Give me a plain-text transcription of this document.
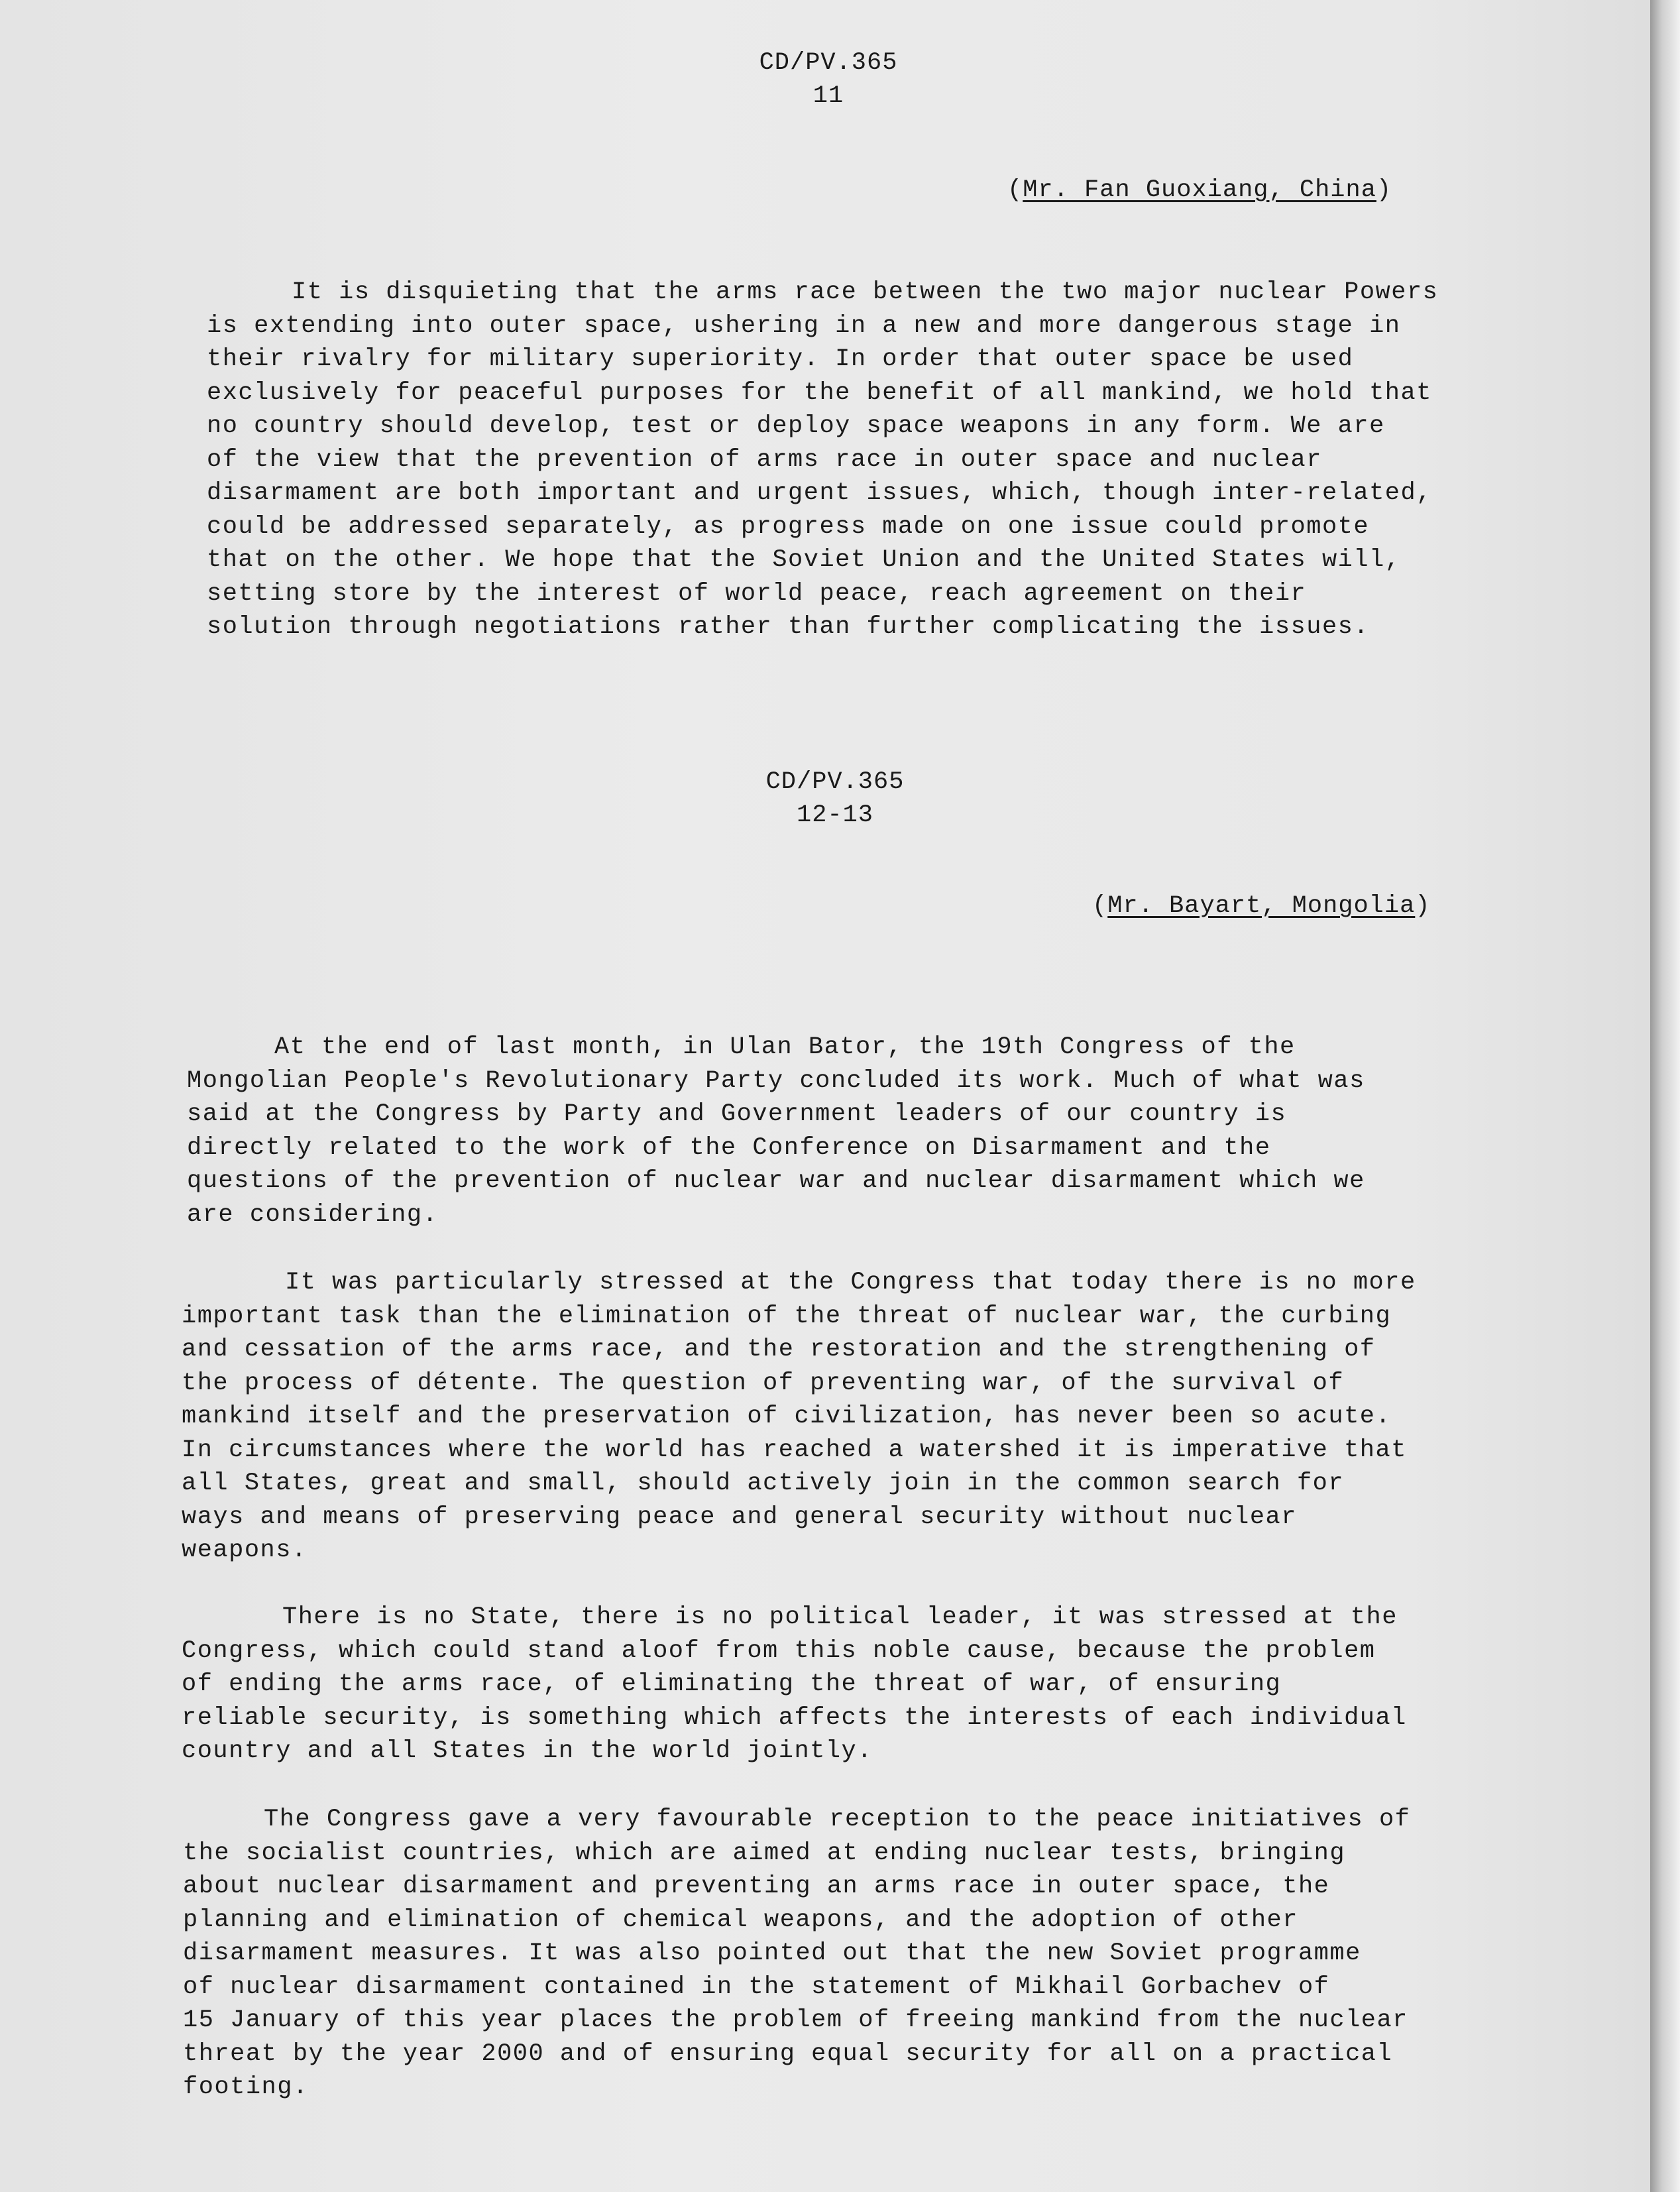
CD/PV.365
11
(Mr. Fan Guoxiang, China)
It is disquieting that the arms race between the two major nuclear Powers
is extending into outer space, ushering in a new and more dangerous stage in
their rivalry for military superiority. In order that outer space be used
exclusively for peaceful purposes for the benefit of all mankind, we hold that
no country should develop, test or deploy space weapons in any form. We are
of the view that the prevention of arms race in outer space and nuclear
disarmament are both important and urgent issues, which, though inter-related,
could be addressed separately, as progress made on one issue could promote
that on the other. We hope that the Soviet Union and the United States will,
setting store by the interest of world peace, reach agreement on their
solution through negotiations rather than further complicating the issues.
CD/PV.365
12-13
(Mr. Bayart, Mongolia)
At the end of last month, in Ulan Bator, the 19th Congress of the
Mongolian People's Revolutionary Party concluded its work. Much of what was
said at the Congress by Party and Government leaders of our country is
directly related to the work of the Conference on Disarmament and the
questions of the prevention of nuclear war and nuclear disarmament which we
are considering.
It was particularly stressed at the Congress that today there is no more
important task than the elimination of the threat of nuclear war, the curbing
and cessation of the arms race, and the restoration and the strengthening of
the process of détente. The question of preventing war, of the survival of
mankind itself and the preservation of civilization, has never been so acute.
In circumstances where the world has reached a watershed it is imperative that
all States, great and small, should actively join in the common search for
ways and means of preserving peace and general security without nuclear
weapons.
There is no State, there is no political leader, it was stressed at the
Congress, which could stand aloof from this noble cause, because the problem
of ending the arms race, of eliminating the threat of war, of ensuring
reliable security, is something which affects the interests of each individual
country and all States in the world jointly.
The Congress gave a very favourable reception to the peace initiatives of
the socialist countries, which are aimed at ending nuclear tests, bringing
about nuclear disarmament and preventing an arms race in outer space, the
planning and elimination of chemical weapons, and the adoption of other
disarmament measures. It was also pointed out that the new Soviet programme
of nuclear disarmament contained in the statement of Mikhail Gorbachev of
15 January of this year places the problem of freeing mankind from the nuclear
threat by the year 2000 and of ensuring equal security for all on a practical
footing.
